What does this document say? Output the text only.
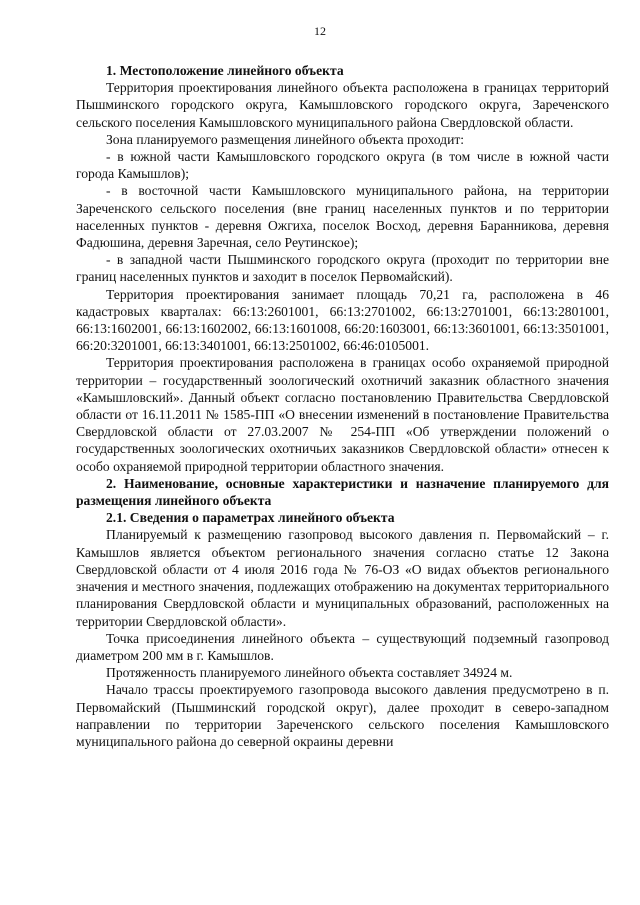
12
1. Местоположение линейного объекта

Территория проектирования линейного объекта расположена в границах территорий Пышминского городского округа, Камышловского городского округа, Зареченского сельского поселения Камышловского муниципального района Свердловской области.

Зона планируемого размещения линейного объекта проходит:

- в южной части Камышловского городского округа (в том числе в южной части города Камышлов);

- в восточной части Камышловского муниципального района, на территории Зареченского сельского поселения (вне границ населенных пунктов и по территории населенных пунктов - деревня Ожгиха, поселок Восход, деревня Баранникова, деревня Фадюшина, деревня Заречная, село Реутинское);

- в западной части Пышминского городского округа (проходит по территории вне границ населенных пунктов и заходит в поселок Первомайский).

Территория проектирования занимает площадь 70,21 га, расположена в 46 кадастровых кварталах: 66:13:2601001, 66:13:2701002, 66:13:2701001, 66:13:2801001, 66:13:1602001, 66:13:1602002, 66:13:1601008, 66:20:1603001, 66:13:3601001, 66:13:3501001, 66:20:3201001, 66:13:3401001, 66:13:2501002, 66:46:0105001.

Территория проектирования расположена в границах особо охраняемой природной территории – государственный зоологический охотничий заказник областного значения «Камышловский». Данный объект согласно постановлению Правительства Свердловской области от 16.11.2011 № 1585-ПП «О внесении изменений в постановление Правительства Свердловской области от 27.03.2007 № 254-ПП «Об утверждении положений о государственных зоологических охотничьих заказников Свердловской области» отнесен к особо охраняемой природной территории областного значения.

2. Наименование, основные характеристики и назначение планируемого для размещения линейного объекта
2.1. Сведения о параметрах линейного объекта

Планируемый к размещению газопровод высокого давления п. Первомайский – г. Камышлов является объектом регионального значения согласно статье 12 Закона Свердловской области от 4 июля 2016 года № 76-ОЗ «О видах объектов регионального значения и местного значения, подлежащих отображению на документах территориального планирования Свердловской области и муниципальных образований, расположенных на территории Свердловской области».

Точка присоединения линейного объекта – существующий подземный газопровод диаметром 200 мм в г. Камышлов.

Протяженность планируемого линейного объекта составляет 34924 м.

Начало трассы проектируемого газопровода высокого давления предусмотрено в п. Первомайский (Пышминский городской округ), далее проходит в северо-западном направлении по территории Зареченского сельского поселения Камышловского муниципального района до северной окраины деревни
